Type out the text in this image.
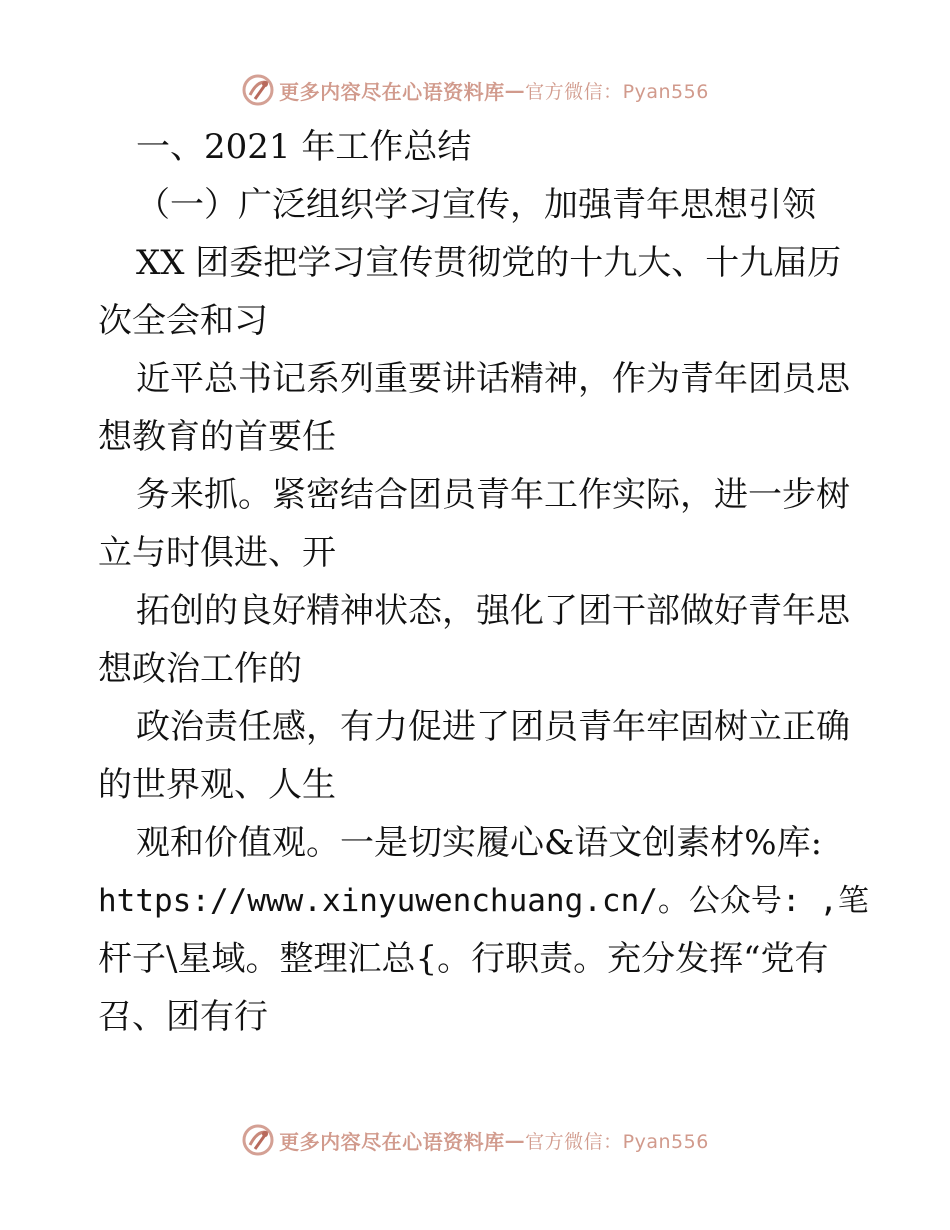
更多内容尽在心语资料库 — 官方微信：Pyan556
一、2021 年工作总结
（一）广泛组织学习宣传，加强青年思想引领
XX 团委把学习宣传贯彻党的十九大、十九届历
次全会和习
近平总书记系列重要讲话精神，作为青年团员思
想教育的首要任
务来抓。紧密结合团员青年工作实际，进一步树
立与时俱进、开
拓创的良好精神状态，强化了团干部做好青年思
想政治工作的
政治责任感，有力促进了团员青年牢固树立正确
的世界观、人生
观和价值观。一是切实履心&语文创素材%库:
https://www.xinyuwenchuang.cn/。公众号: ,笔
杆子\星域。整理汇总{。行职责。充分发挥“党有
召、团有行
更多内容尽在心语资料库 — 官方微信：Pyan556
